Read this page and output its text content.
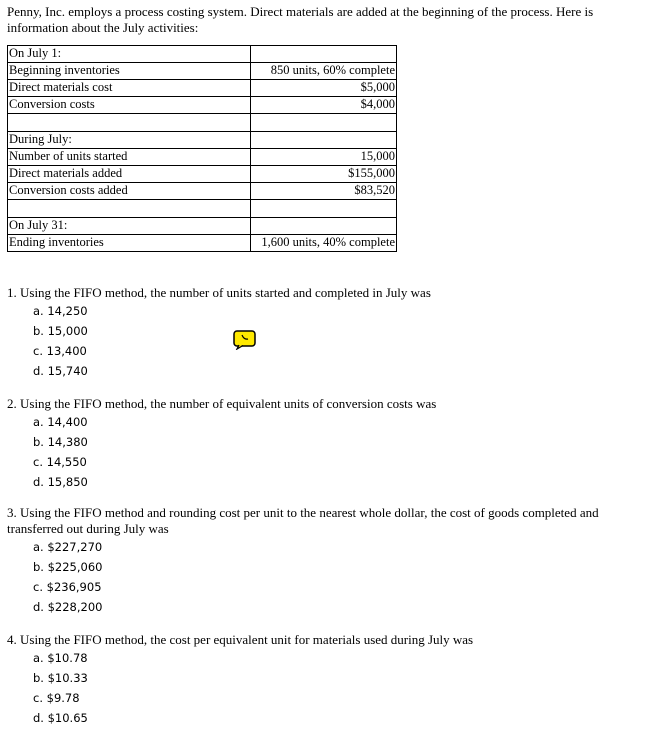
Penny, Inc. employs a process costing system. Direct materials are added at the beginning of the process. Here is information about the July activities:
On July 1:	
Beginning inventories	850 units, 60% complete
Direct materials cost	$5,000
Conversion costs	$4,000

During July:	
Number of units started	15,000
Direct materials added	$155,000
Conversion costs added	$83,520

On July 31:	
Ending inventories	1,600 units, 40% complete
1. Using the FIFO method, the number of units started and completed in July was
a. 14,250
b. 15,000
c. 13,400
d. 15,740
2. Using the FIFO method, the number of equivalent units of conversion costs was
a. 14,400
b. 14,380
c. 14,550
d. 15,850
3. Using the FIFO method and rounding cost per unit to the nearest whole dollar, the cost of goods completed and transferred out during July was
a. $227,270
b. $225,060
c. $236,905
d. $228,200
4. Using the FIFO method, the cost per equivalent unit for materials used during July was
a. $10.78
b. $10.33
c. $9.78
d. $10.65
